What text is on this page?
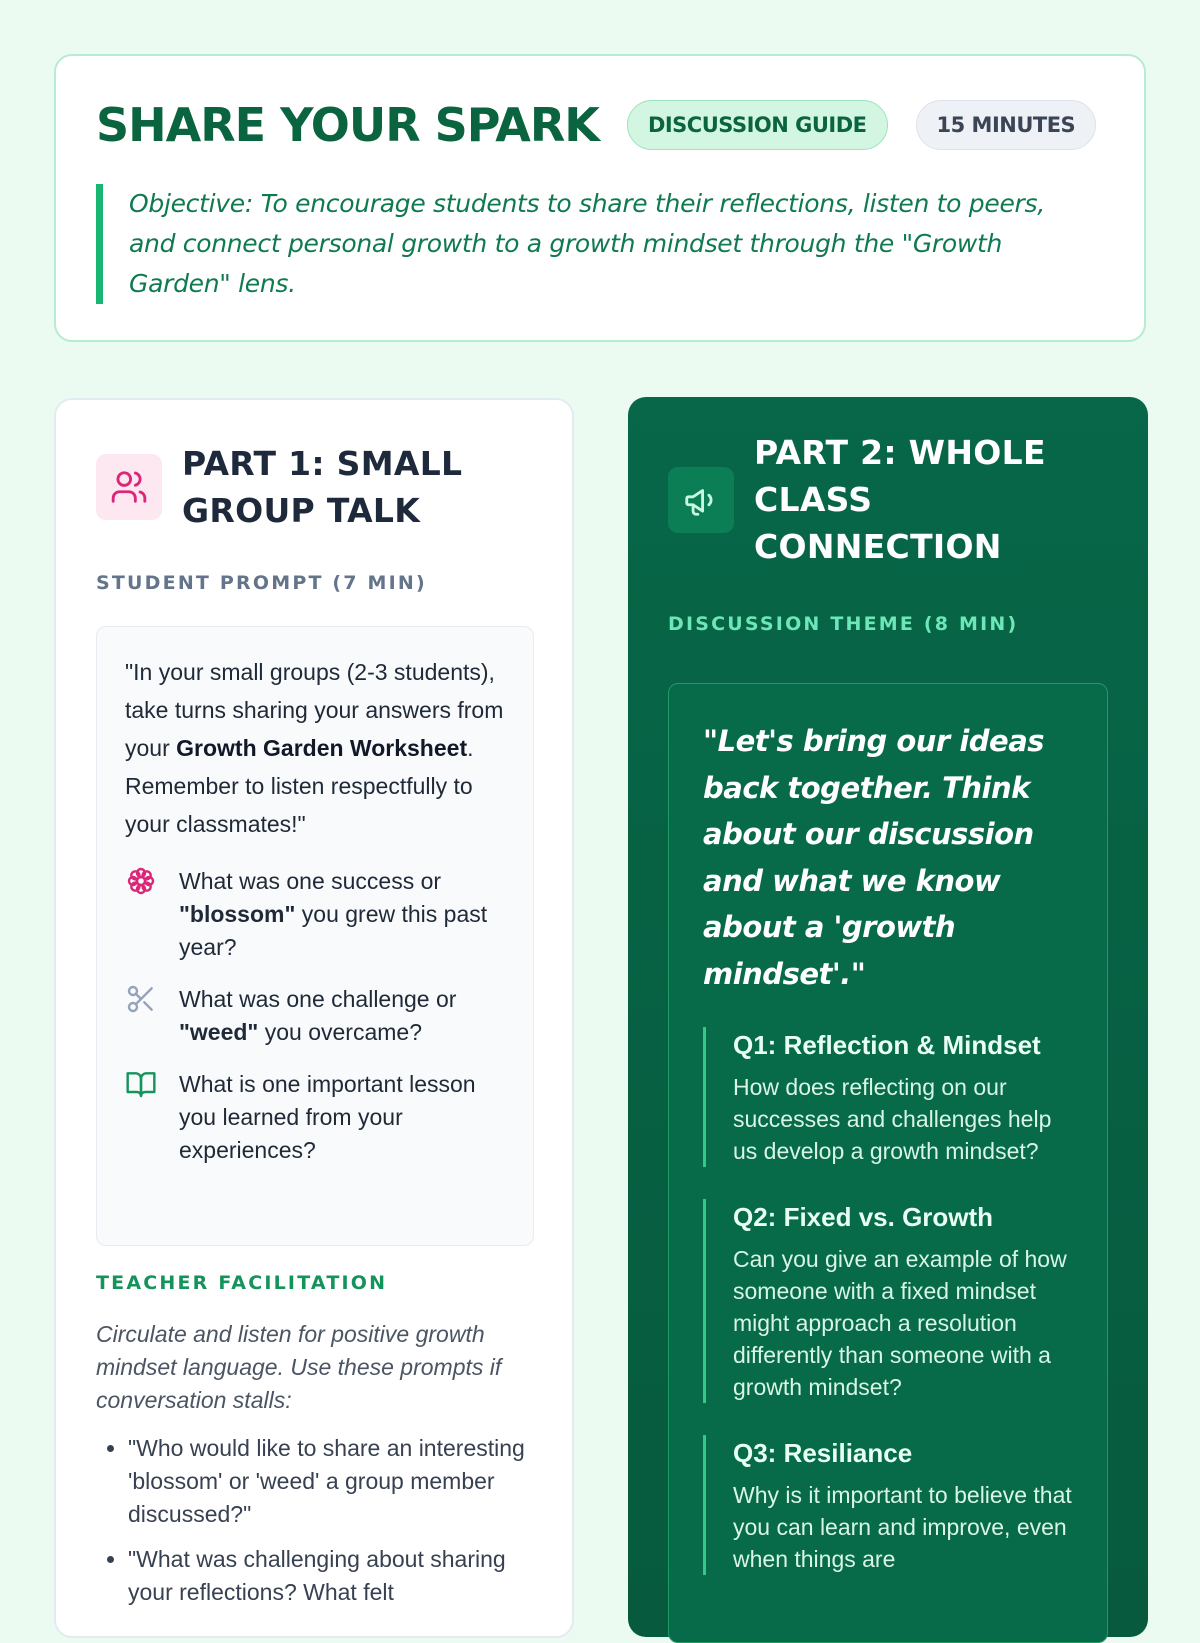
SHARE YOUR SPARK	DISCUSSION GUIDE	15 MINUTES
Objective: To encourage students to share their reflections, listen to peers, and connect personal growth to a growth mindset through the "Growth Garden" lens.
PART 1: SMALL GROUP TALK
STUDENT PROMPT (7 MIN)

"In your small groups (2-3 students), take turns sharing your answers from your Growth Garden Worksheet. Remember to listen respectfully to your classmates!"

What was one success or "blossom" you grew this past year?
What was one challenge or "weed" you overcame?
What is one important lesson you learned from your experiences?
TEACHER FACILITATION

Circulate and listen for positive growth mindset language. Use these prompts if conversation stalls:

• "Who would like to share an interesting 'blossom' or 'weed' a group member discussed?"
• "What was challenging about sharing your reflections? What felt
PART 2: WHOLE CLASS CONNECTION
DISCUSSION THEME (8 MIN)

"Let's bring our ideas back together. Think about our discussion and what we know about a 'growth mindset'."

Q1: Reflection & Mindset

How does reflecting on our successes and challenges help us develop a growth mindset?

Q2: Fixed vs. Growth

Can you give an example of how someone with a fixed mindset might approach a resolution differently than someone with a growth mindset?

Q3: Resiliance

Why is it important to believe that you can learn and improve, even when things are
